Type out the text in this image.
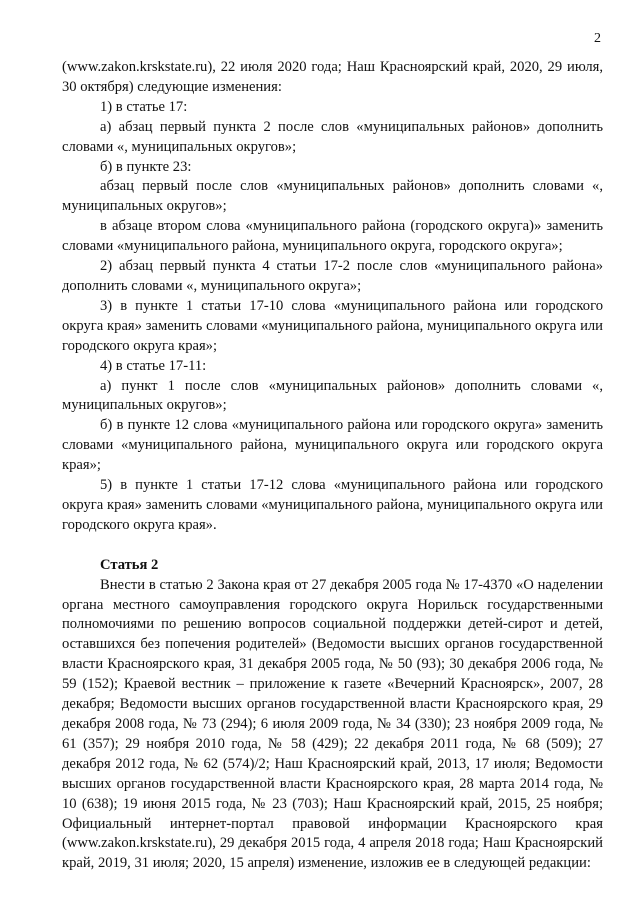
2

(www.zakon.krskstate.ru), 22 июля 2020 года; Наш Красноярский край, 2020, 29 июля, 30 октября) следующие изменения:

1) в статье 17:

а) абзац первый пункта 2 после слов «муниципальных районов» дополнить словами «, муниципальных округов»;

б) в пункте 23:

абзац первый после слов «муниципальных районов» дополнить словами «, муниципальных округов»;

в абзаце втором слова «муниципального района (городского округа)» заменить словами «муниципального района, муниципального округа, городского округа»;

2) абзац первый пункта 4 статьи 17-2 после слов «муниципального района» дополнить словами «, муниципального округа»;

3) в пункте 1 статьи 17-10 слова «муниципального района или городского округа края» заменить словами «муниципального района, муниципального округа или городского округа края»;

4) в статье 17-11:

а) пункт 1 после слов «муниципальных районов» дополнить словами «, муниципальных округов»;

б) в пункте 12 слова «муниципального района или городского округа» заменить словами «муниципального района, муниципального округа или городского округа края»;

5) в пункте 1 статьи 17-12 слова «муниципального района или городского округа края» заменить словами «муниципального района, муниципального округа или городского округа края».

Статья 2

Внести в статью 2 Закона края от 27 декабря 2005 года № 17-4370 «О наделении органа местного самоуправления городского округа Норильск государственными полномочиями по решению вопросов социальной поддержки детей-сирот и детей, оставшихся без попечения родителей» (Ведомости высших органов государственной власти Красноярского края, 31 декабря 2005 года, № 50 (93); 30 декабря 2006 года, № 59 (152); Краевой вестник – приложение к газете «Вечерний Красноярск», 2007, 28 декабря; Ведомости высших органов государственной власти Красноярского края, 29 декабря 2008 года, № 73 (294); 6 июля 2009 года, № 34 (330); 23 ноября 2009 года, № 61 (357); 29 ноября 2010 года, № 58 (429); 22 декабря 2011 года, № 68 (509); 27 декабря 2012 года, № 62 (574)/2; Наш Красноярский край, 2013, 17 июля; Ведомости высших органов государственной власти Красноярского края, 28 марта 2014 года, № 10 (638); 19 июня 2015 года, № 23 (703); Наш Красноярский край, 2015, 25 ноября; Официальный интернет-портал правовой информации Красноярского края (www.zakon.krskstate.ru), 29 декабря 2015 года, 4 апреля 2018 года; Наш Красноярский край, 2019, 31 июля; 2020, 15 апреля) изменение, изложив ее в следующей редакции:
